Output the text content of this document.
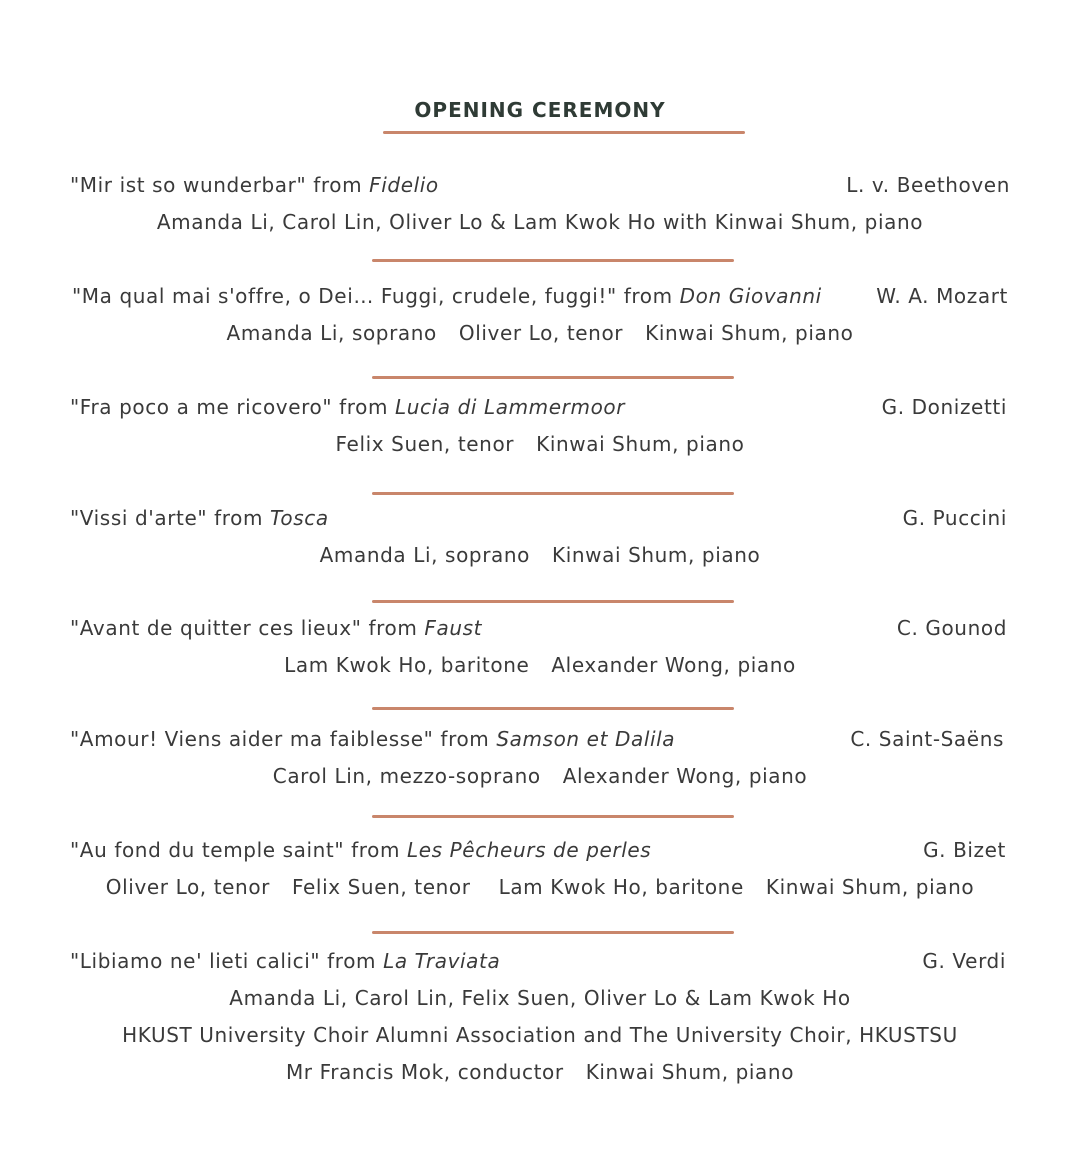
OPENING CEREMONY
"Mir ist so wunderbar" from Fidelio	L. v. Beethoven
Amanda Li, Carol Lin, Oliver Lo & Lam Kwok Ho with Kinwai Shum, piano
"Ma qual mai s'offre, o Dei… Fuggi, crudele, fuggi!" from Don Giovanni	W. A. Mozart
Amanda Li, soprano Oliver Lo, tenor Kinwai Shum, piano
"Fra poco a me ricovero" from Lucia di Lammermoor	G. Donizetti
Felix Suen, tenor Kinwai Shum, piano
"Vissi d'arte" from Tosca	G. Puccini
Amanda Li, soprano Kinwai Shum, piano
"Avant de quitter ces lieux" from Faust	C. Gounod
Lam Kwok Ho, baritone Alexander Wong, piano
"Amour! Viens aider ma faiblesse" from Samson et Dalila	C. Saint-Saëns
Carol Lin, mezzo-soprano Alexander Wong, piano
"Au fond du temple saint" from Les Pêcheurs de perles	G. Bizet
Oliver Lo, tenor Felix Suen, tenor Lam Kwok Ho, baritone Kinwai Shum, piano
"Libiamo ne' lieti calici" from La Traviata	G. Verdi
Amanda Li, Carol Lin, Felix Suen, Oliver Lo & Lam Kwok Ho
HKUST University Choir Alumni Association and The University Choir, HKUSTSU
Mr Francis Mok, conductor Kinwai Shum, piano
